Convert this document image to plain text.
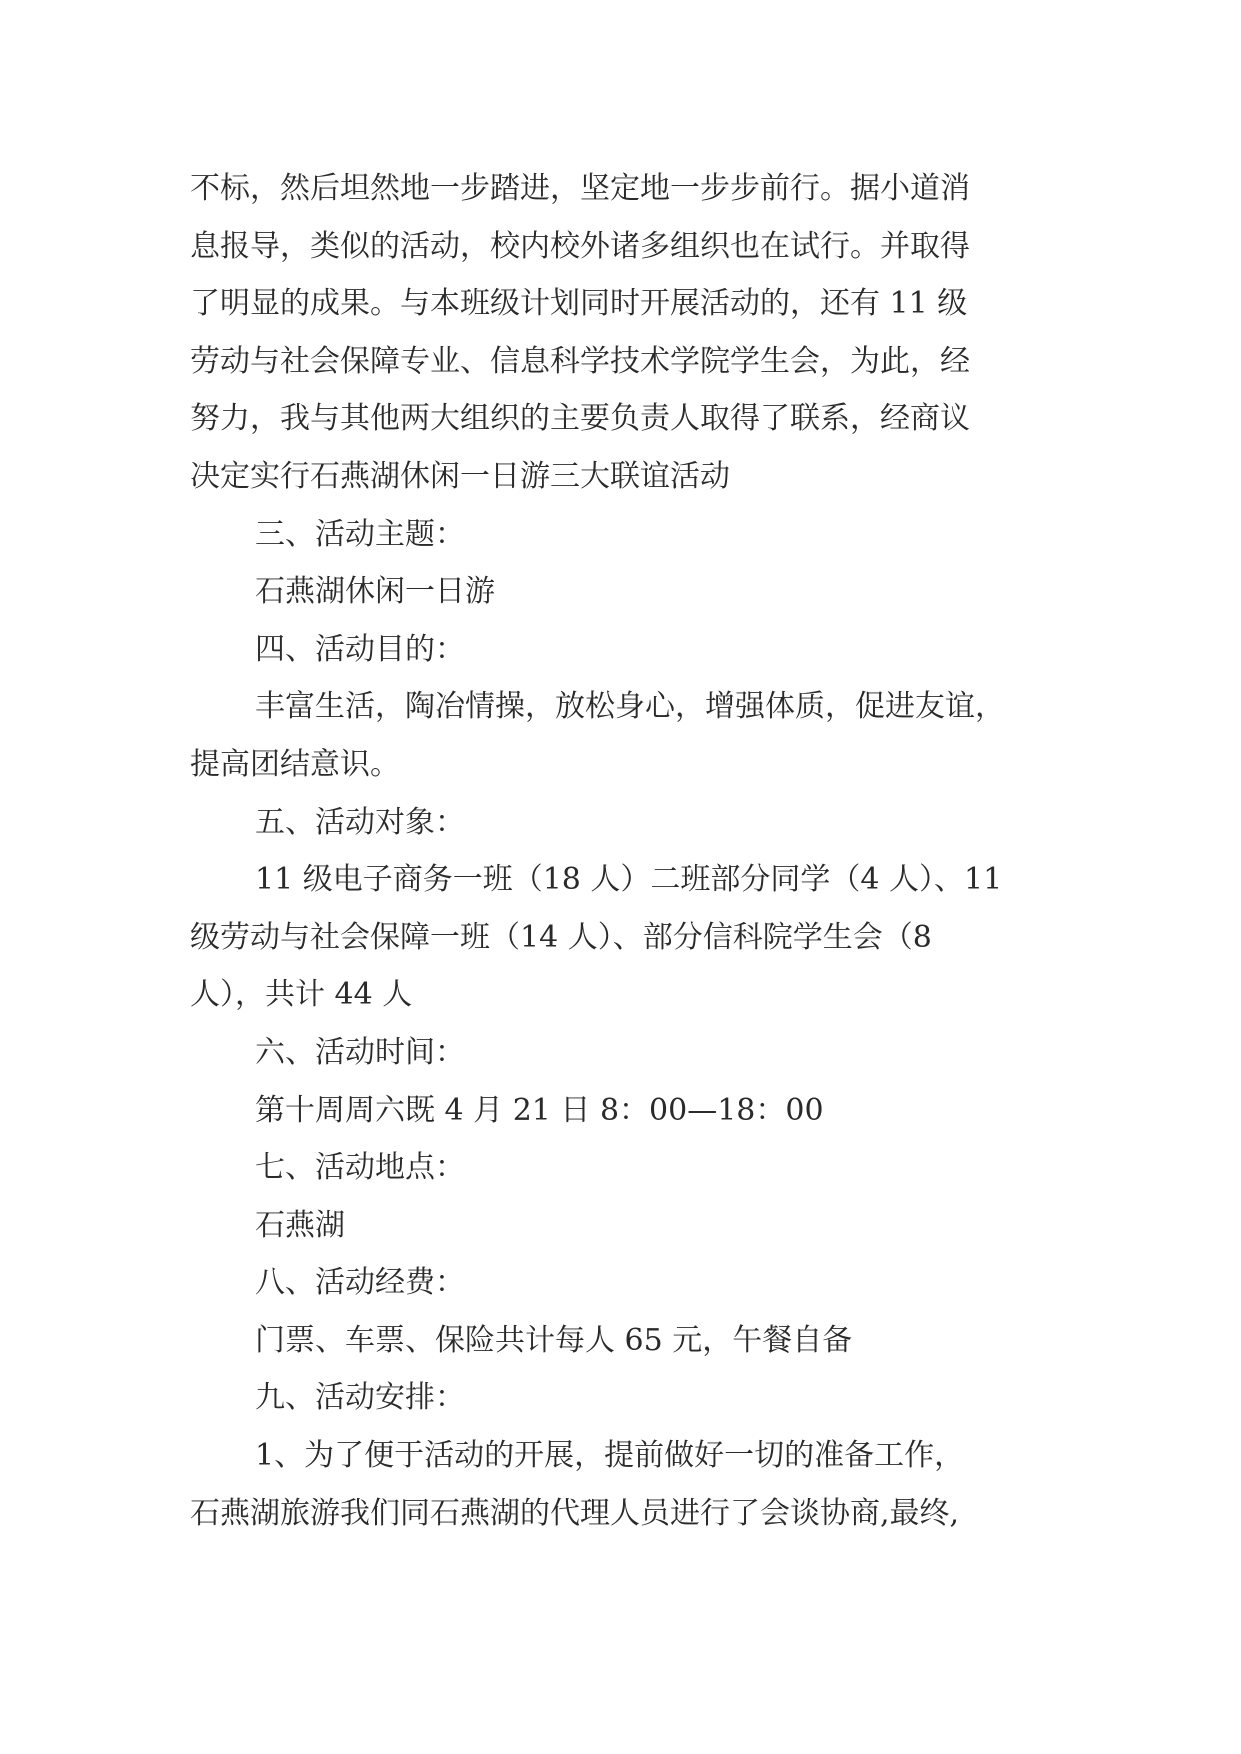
不标，然后坦然地一步踏进，坚定地一步步前行。据小道消
息报导，类似的活动，校内校外诸多组织也在试行。并取得
了明显的成果。与本班级计划同时开展活动的，还有 11 级
劳动与社会保障专业、信息科学技术学院学生会，为此，经
努力，我与其他两大组织的主要负责人取得了联系，经商议
决定实行石燕湖休闲一日游三大联谊活动
三、活动主题：
石燕湖休闲一日游
四、活动目的：
丰富生活，陶冶情操，放松身心，增强体质，促进友谊，
提高团结意识。
五、活动对象：
11 级电子商务一班（18 人）二班部分同学（4 人）、11
级劳动与社会保障一班（14 人）、部分信科院学生会（8
人），共计 44 人
六、活动时间：
第十周周六既 4 月 21 日 8：00—18：00
七、活动地点：
石燕湖
八、活动经费：
门票、车票、保险共计每人 65 元，午餐自备
九、活动安排：
1、为了便于活动的开展，提前做好一切的准备工作，
石燕湖旅游我们同石燕湖的代理人员进行了会谈协商,最终,
